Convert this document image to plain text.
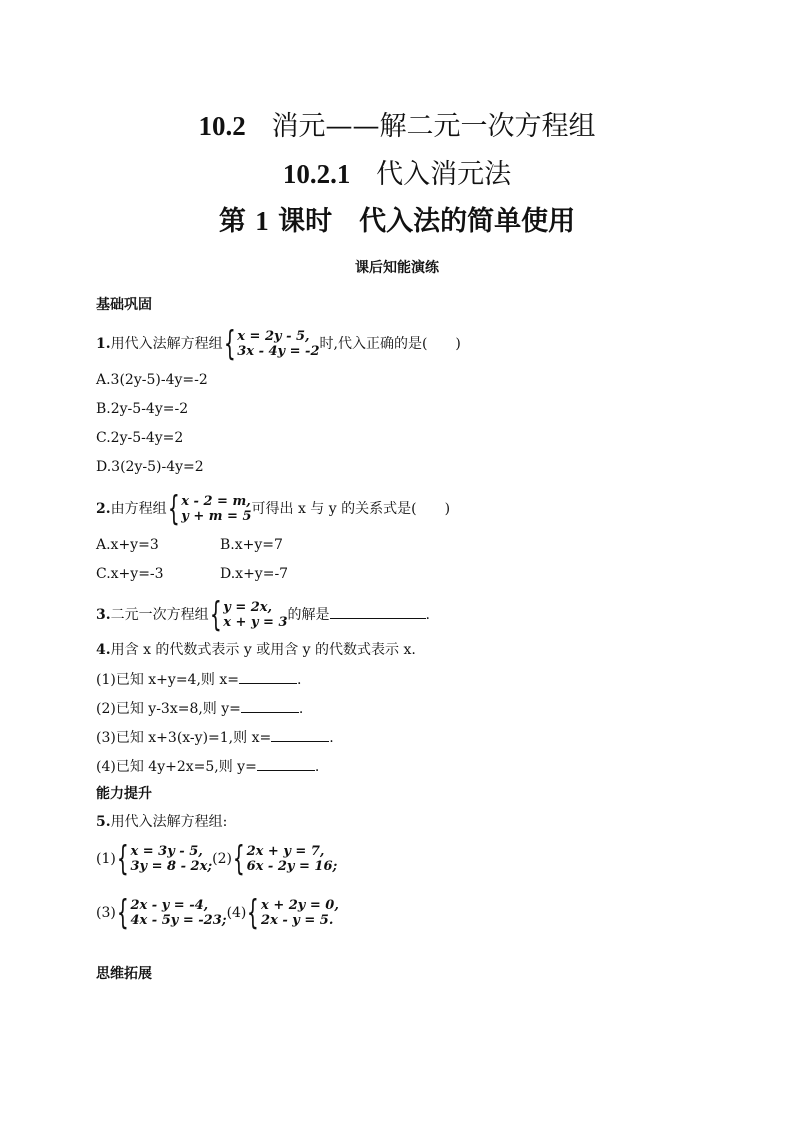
10.2 消元——解二元一次方程组
10.2.1 代入消元法
第 1 课时　代入法的简单使用
课后知能演练
基础巩固
1.用代入法解方程组 { x = 2y - 5,
3x - 4y = -2 时,代入正确的是(　　)
A.3(2y-5)-4y=-2
B.2y-5-4y=-2
C.2y-5-4y=2
D.3(2y-5)-4y=2
2.由方程组 { x - 2 = m,
y + m = 5 可得出 x 与 y 的关系式是(　　)
A.x+y=3	B.x+y=7
C.x+y=-3	D.x+y=-7
3.二元一次方程组 { y = 2x,
x + y = 3 的解是	.
4.用含 x 的代数式表示 y 或用含 y 的代数式表示 x.
(1)已知 x+y=4,则 x=	.
(2)已知 y-3x=8,则 y=	.
(3)已知 x+3(x-y)=1,则 x=	.
(4)已知 4y+2x=5,则 y=	.
能力提升
5.用代入法解方程组:
(1) { x = 3y - 5,
3y = 8 - 2x; (2) { 2x + y = 7,
6x - 2y = 16;
(3) { 2x - y = -4,
4x - 5y = -23; (4) { x + 2y = 0,
2x - y = 5.
思维拓展
